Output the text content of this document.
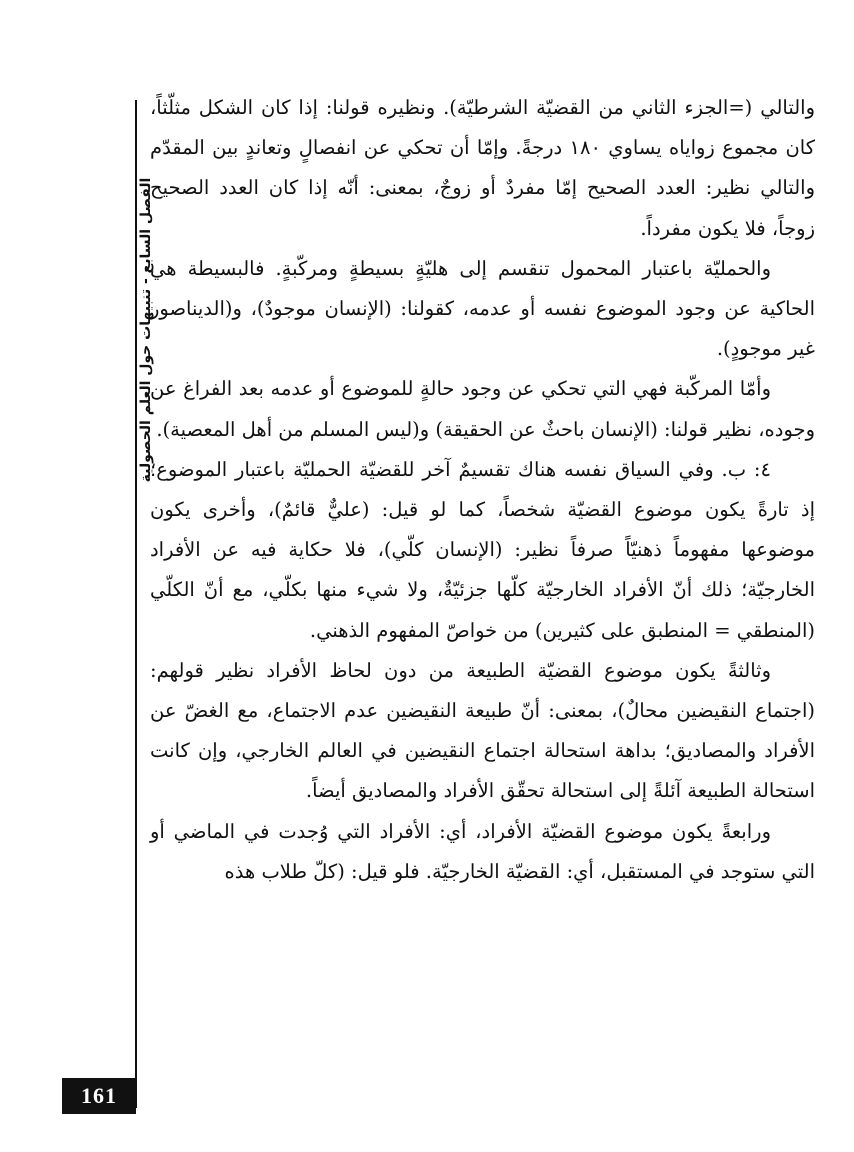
الفصل السابع - تنبيهات حول العلم الحصولية

والتالي (=الجزء الثاني من القضيّة الشرطيّة). ونظيره قولنا: إذا كان الشكل مثلّثاً، كان مجموع زواياه يساوي ١٨٠ درجةً. وإمّا أن تحكي عن انفصالٍ وتعاندٍ بين المقدّم والتالي نظير: العدد الصحيح إمّا مفردٌ أو زوجٌ، بمعنى: أنّه إذا كان العدد الصحيح زوجاً، فلا يكون مفرداً.

والحمليّة باعتبار المحمول تنقسم إلى هليّةٍ بسيطةٍ ومركّبةٍ. فالبسيطة هي الحاكية عن وجود الموضوع نفسه أو عدمه، كقولنا: (الإنسان موجودٌ)، و(الديناصور غير موجودٍ).

وأمّا المركّبة فهي التي تحكي عن وجود حالةٍ للموضوع أو عدمه بعد الفراغ عن وجوده، نظير قولنا: (الإنسان باحثٌ عن الحقيقة) و(ليس المسلم من أهل المعصية).

٤: ب. وفي السياق نفسه هناك تقسيمٌ آخر للقضيّة الحمليّة باعتبار الموضوع؛ إذ تارةً يكون موضوع القضيّة شخصاً، كما لو قيل: (عليٌّ قائمٌ)، وأخرى يكون موضوعها مفهوماً ذهنيّاً صرفاً نظير: (الإنسان كلّي)، فلا حكاية فيه عن الأفراد الخارجيّة؛ ذلك أنّ الأفراد الخارجيّة كلّها جزئيّةٌ، ولا شيء منها بكلّي، مع أنّ الكلّي (المنطقي = المنطبق على كثيرين) من خواصّ المفهوم الذهني.

وثالثةً يكون موضوع القضيّة الطبيعة من دون لحاظ الأفراد نظير قولهم: (اجتماع النقيضين محالٌ)، بمعنى: أنّ طبيعة النقيضين عدم الاجتماع، مع الغضّ عن الأفراد والمصاديق؛ بداهة استحالة اجتماع النقيضين في العالم الخارجي، وإن كانت استحالة الطبيعة آئلةً إلى استحالة تحقّق الأفراد والمصاديق أيضاً.

ورابعةً يكون موضوع القضيّة الأفراد، أي: الأفراد التي وُجدت في الماضي أو التي ستوجد في المستقبل، أي: القضيّة الخارجيّة. فلو قيل: (كلّ طلاب هذه

161
